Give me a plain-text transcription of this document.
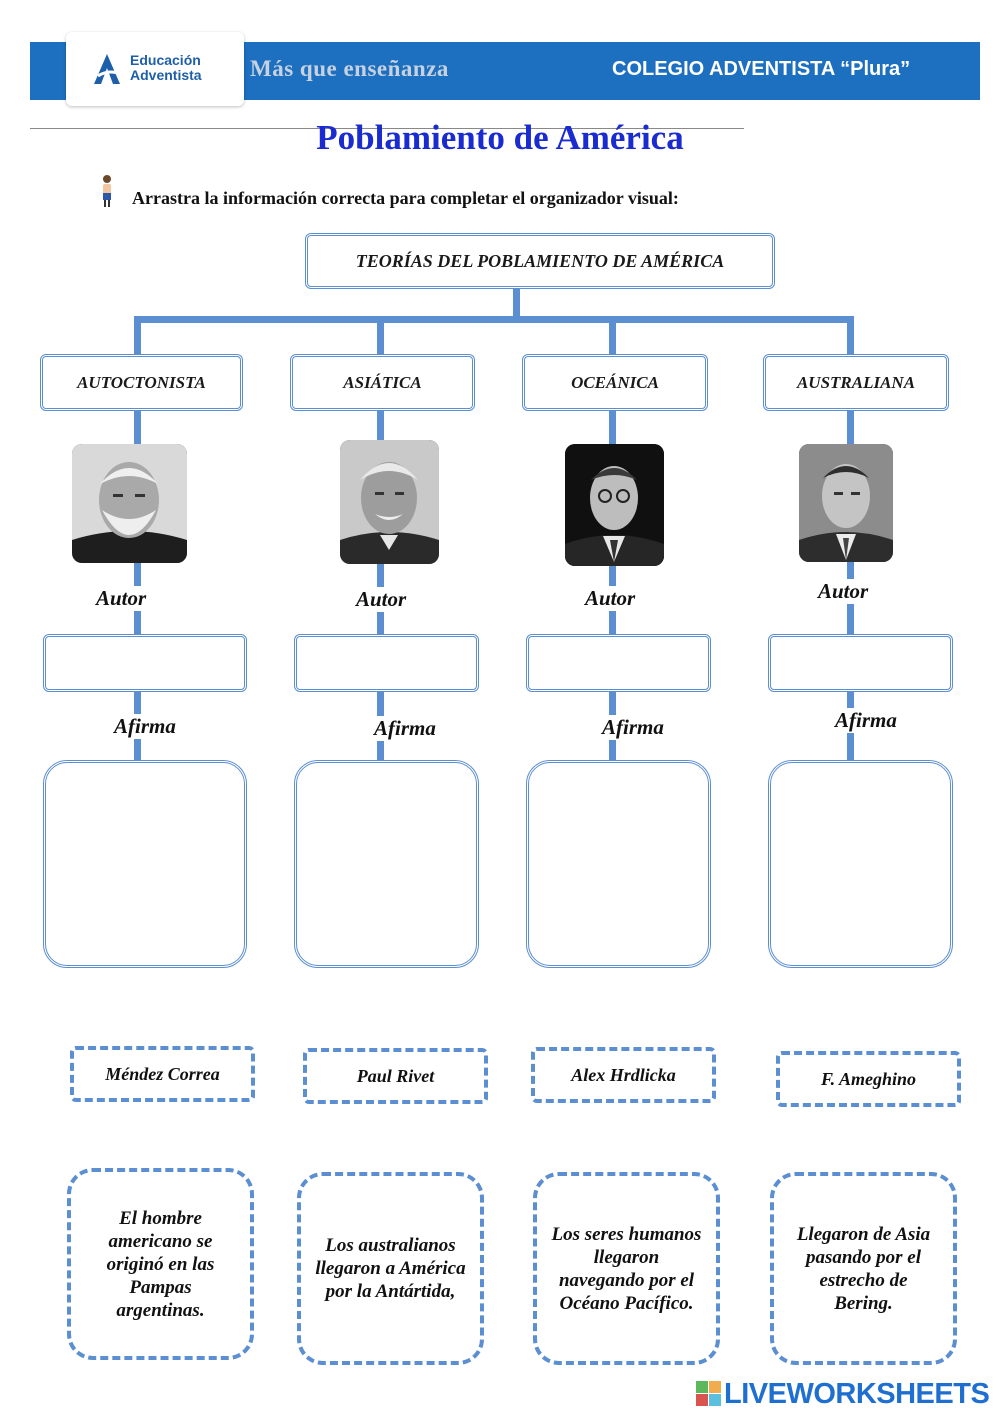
Educación
Adventista Más que enseñanza	COLEGIO ADVENTISTA “Plura”
Poblamiento de América
Arrastra la información correcta para completar el organizador visual:
TEORÍAS DEL POBLAMIENTO DE AMÉRICA
AUTOCTONISTA	ASIÁTICA	OCEÁNICA	AUSTRALIANA
Autor	Autor	Autor	Autor
Afirma	Afirma	Afirma	Afirma
Méndez Correa	Paul Rivet	Alex Hrdlicka	F. Ameghino
El hombre americano se originó en las Pampas argentinas.
Los australianos llegaron a América por la Antártida,
Los seres humanos llegaron navegando por el Océano Pacífico.
Llegaron de Asia pasando por el estrecho de Bering.
LIVEWORKSHEETS
